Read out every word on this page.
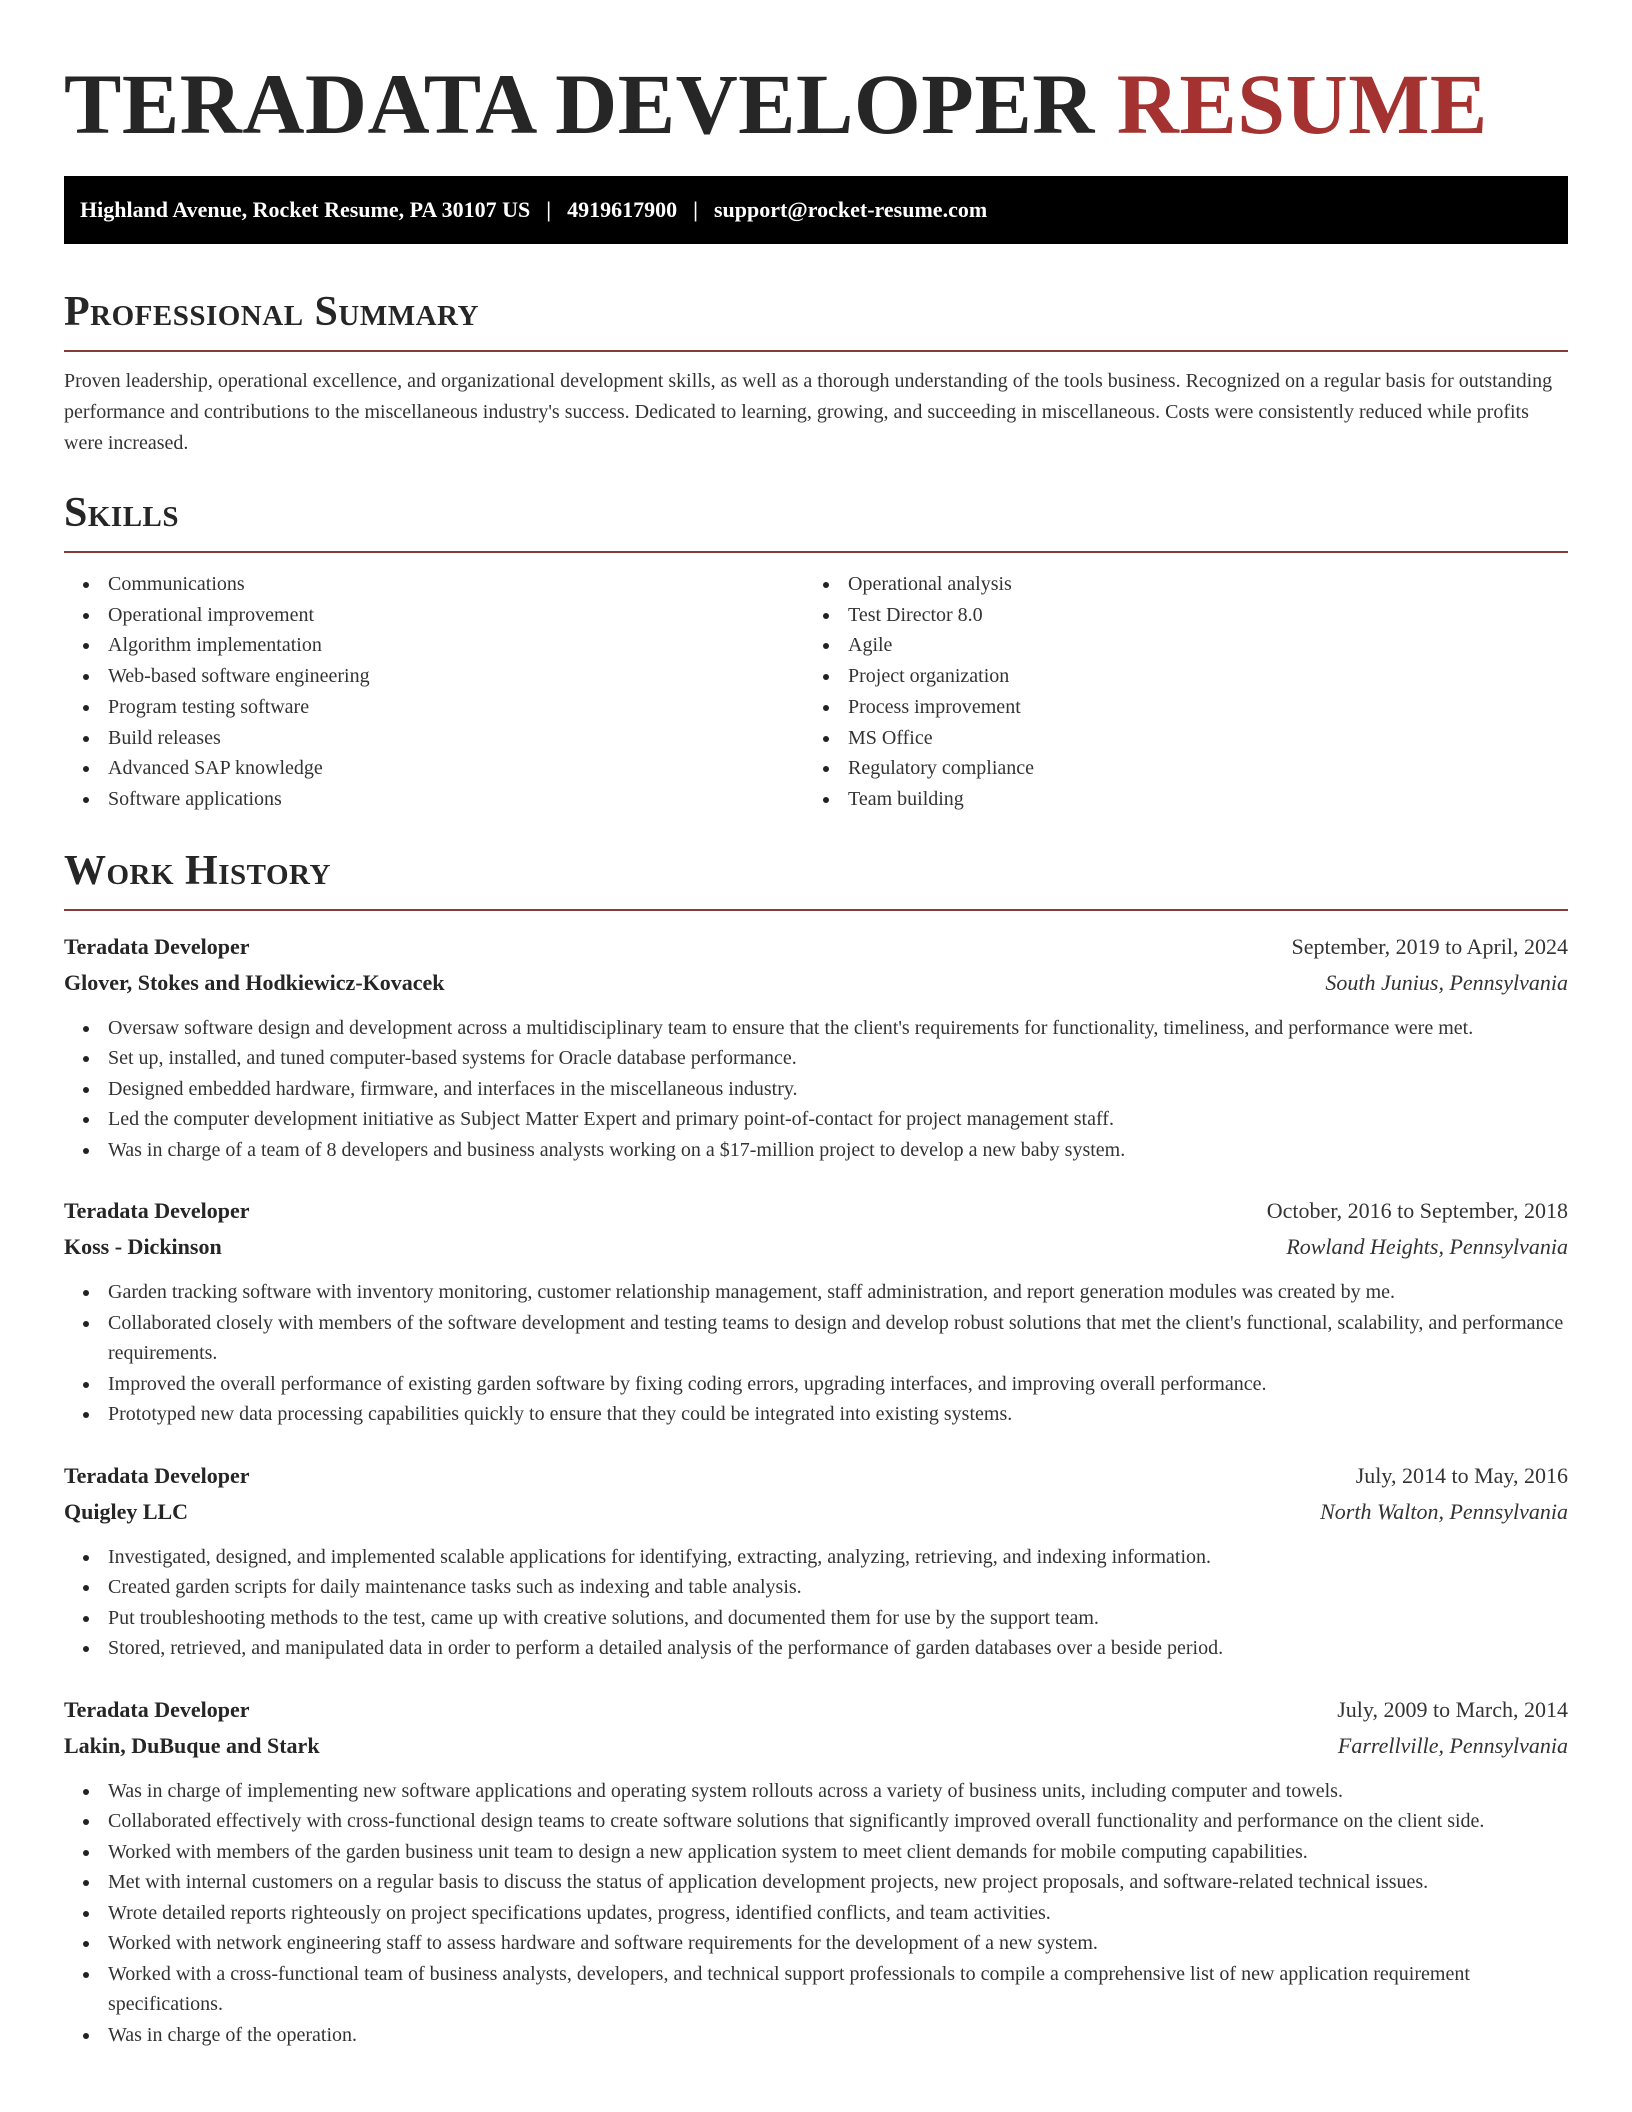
TERADATA DEVELOPER RESUME
Highland Avenue, Rocket Resume, PA 30107 US | 4919617900 | support@rocket-resume.com
Professional Summary

Proven leadership, operational excellence, and organizational development skills, as well as a thorough understanding of the tools business. Recognized on a regular basis for outstanding performance and contributions to the miscellaneous industry's success. Dedicated to learning, growing, and succeeding in miscellaneous. Costs were consistently reduced while profits were increased.

Skills
Communications
Operational improvement
Algorithm implementation
Web-based software engineering
Program testing software
Build releases
Advanced SAP knowledge
Software applications
Operational analysis
Test Director 8.0
Agile
Project organization
Process improvement
MS Office
Regulatory compliance
Team building
Work History
Teradata Developer	September, 2019 to April, 2024
Glover, Stokes and Hodkiewicz-Kovacek	South Junius, Pennsylvania
Oversaw software design and development across a multidisciplinary team to ensure that the client's requirements for functionality, timeliness, and performance were met.
Set up, installed, and tuned computer-based systems for Oracle database performance.
Designed embedded hardware, firmware, and interfaces in the miscellaneous industry.
Led the computer development initiative as Subject Matter Expert and primary point-of-contact for project management staff.
Was in charge of a team of 8 developers and business analysts working on a $17-million project to develop a new baby system.
Teradata Developer	October, 2016 to September, 2018
Koss - Dickinson	Rowland Heights, Pennsylvania
Garden tracking software with inventory monitoring, customer relationship management, staff administration, and report generation modules was created by me.
Collaborated closely with members of the software development and testing teams to design and develop robust solutions that met the client's functional, scalability, and performance requirements.
Improved the overall performance of existing garden software by fixing coding errors, upgrading interfaces, and improving overall performance.
Prototyped new data processing capabilities quickly to ensure that they could be integrated into existing systems.
Teradata Developer	July, 2014 to May, 2016
Quigley LLC	North Walton, Pennsylvania
Investigated, designed, and implemented scalable applications for identifying, extracting, analyzing, retrieving, and indexing information.
Created garden scripts for daily maintenance tasks such as indexing and table analysis.
Put troubleshooting methods to the test, came up with creative solutions, and documented them for use by the support team.
Stored, retrieved, and manipulated data in order to perform a detailed analysis of the performance of garden databases over a beside period.
Teradata Developer	July, 2009 to March, 2014
Lakin, DuBuque and Stark	Farrellville, Pennsylvania
Was in charge of implementing new software applications and operating system rollouts across a variety of business units, including computer and towels.
Collaborated effectively with cross-functional design teams to create software solutions that significantly improved overall functionality and performance on the client side.
Worked with members of the garden business unit team to design a new application system to meet client demands for mobile computing capabilities.
Met with internal customers on a regular basis to discuss the status of application development projects, new project proposals, and software-related technical issues.
Wrote detailed reports righteously on project specifications updates, progress, identified conflicts, and team activities.
Worked with network engineering staff to assess hardware and software requirements for the development of a new system.
Worked with a cross-functional team of business analysts, developers, and technical support professionals to compile a comprehensive list of new application requirement specifications.
Was in charge of the operation.
